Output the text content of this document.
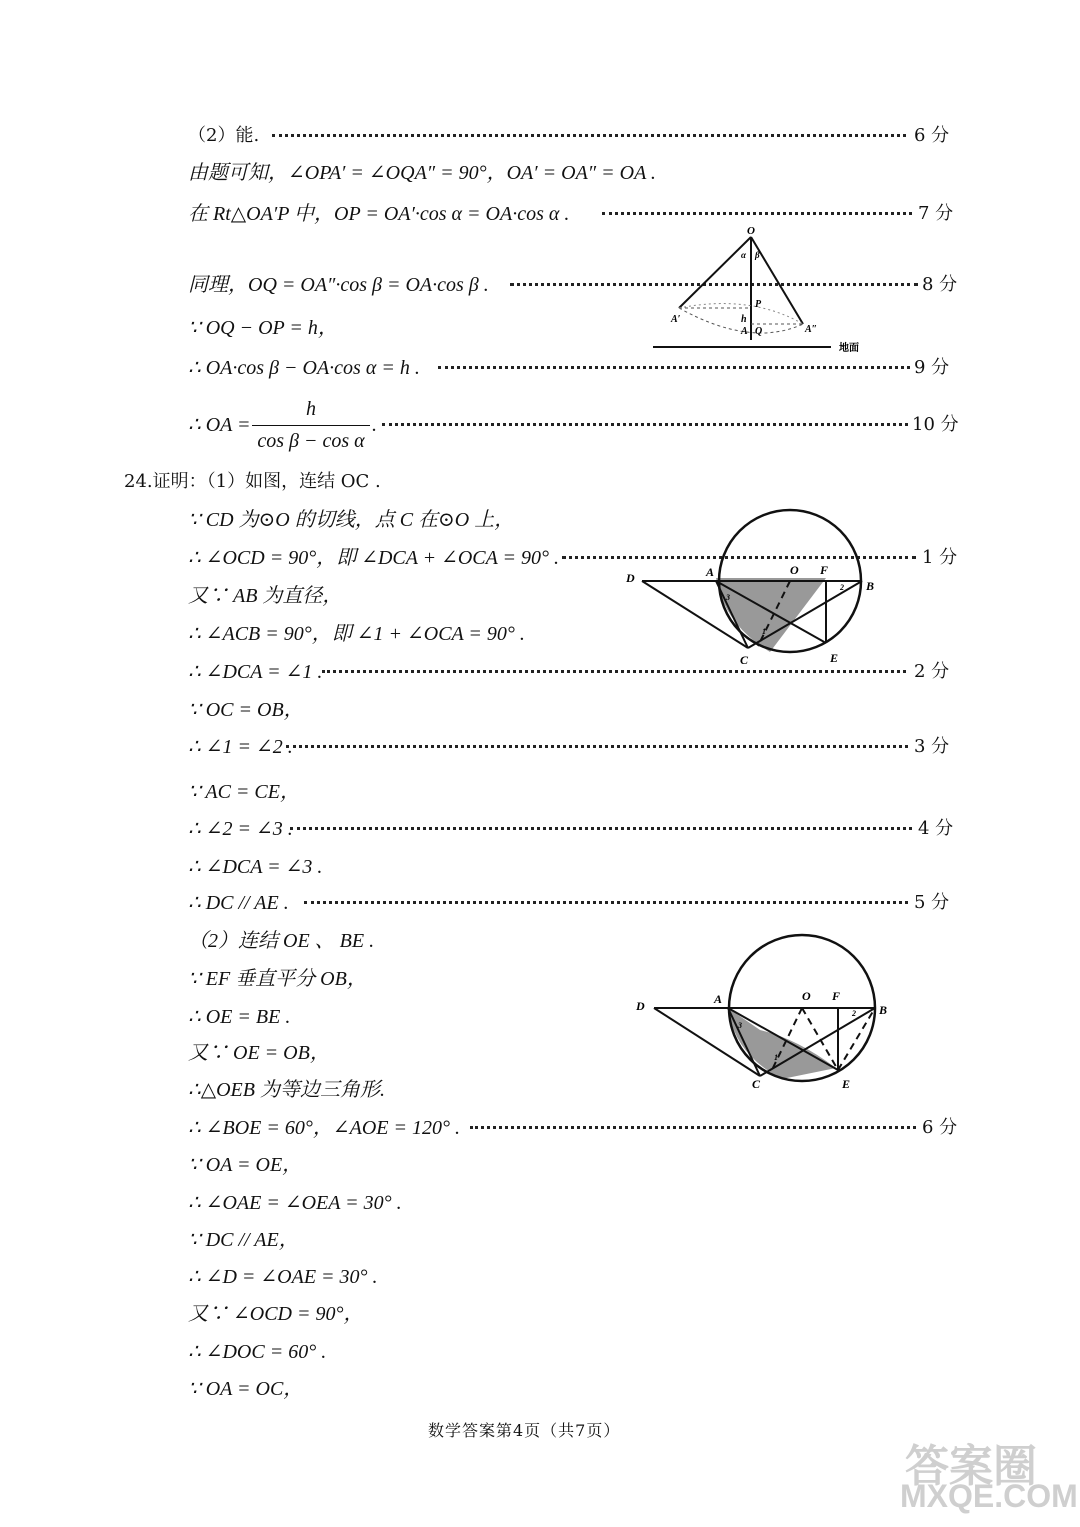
（2）能.	6 分
由题可知，∠OPA′ = ∠OQA″ = 90°，OA′ = OA″ = OA .
在 Rt△OA′P 中，OP = OA′·cos α = OA·cos α .	7 分
同理，OQ = OA″·cos β = OA·cos β .	8 分
∵ OQ − OP = h，
∴ OA·cos β − OA·cos α = h .	9 分
∴ OA =
h
cos β − cos α
.	10 分
O
α β
P
h
A Q
A′
A″
地面
24.证明：（1）如图，连结 OC .
∵ CD 为⊙O 的切线，点 C 在⊙O 上，
∴ ∠OCD = 90°，即 ∠DCA + ∠OCA = 90° .	1 分
又∵ AB 为直径，
∴ ∠ACB = 90°，即 ∠1 + ∠OCA = 90° .
∴ ∠DCA = ∠1 .	2 分
∵ OC = OB，
∴ ∠1 = ∠2 .	3 分
∵ AC = CE，
∴ ∠2 = ∠3 .	4 分
∴ ∠DCA = ∠3 .
∴ DC // AE .	5 分
D	A	O F
B
C	E
1
2
3
（2）连结 OE 、 BE .
∵ EF 垂直平分 OB，
∴ OE = BE .
又∵ OE = OB，
∴△OEB 为等边三角形.
∴ ∠BOE = 60°，∠AOE = 120° .	6 分
∵ OA = OE，
∴ ∠OAE = ∠OEA = 30° .
∵ DC // AE，
∴ ∠D = ∠OAE = 30° .
又∵ ∠OCD = 90°，
∴ ∠DOC = 60° .
∵ OA = OC，
D	A	O F
B
C	E
1
2
3
数学答案第4页（共7页）
答案圈
MXQE.COM
